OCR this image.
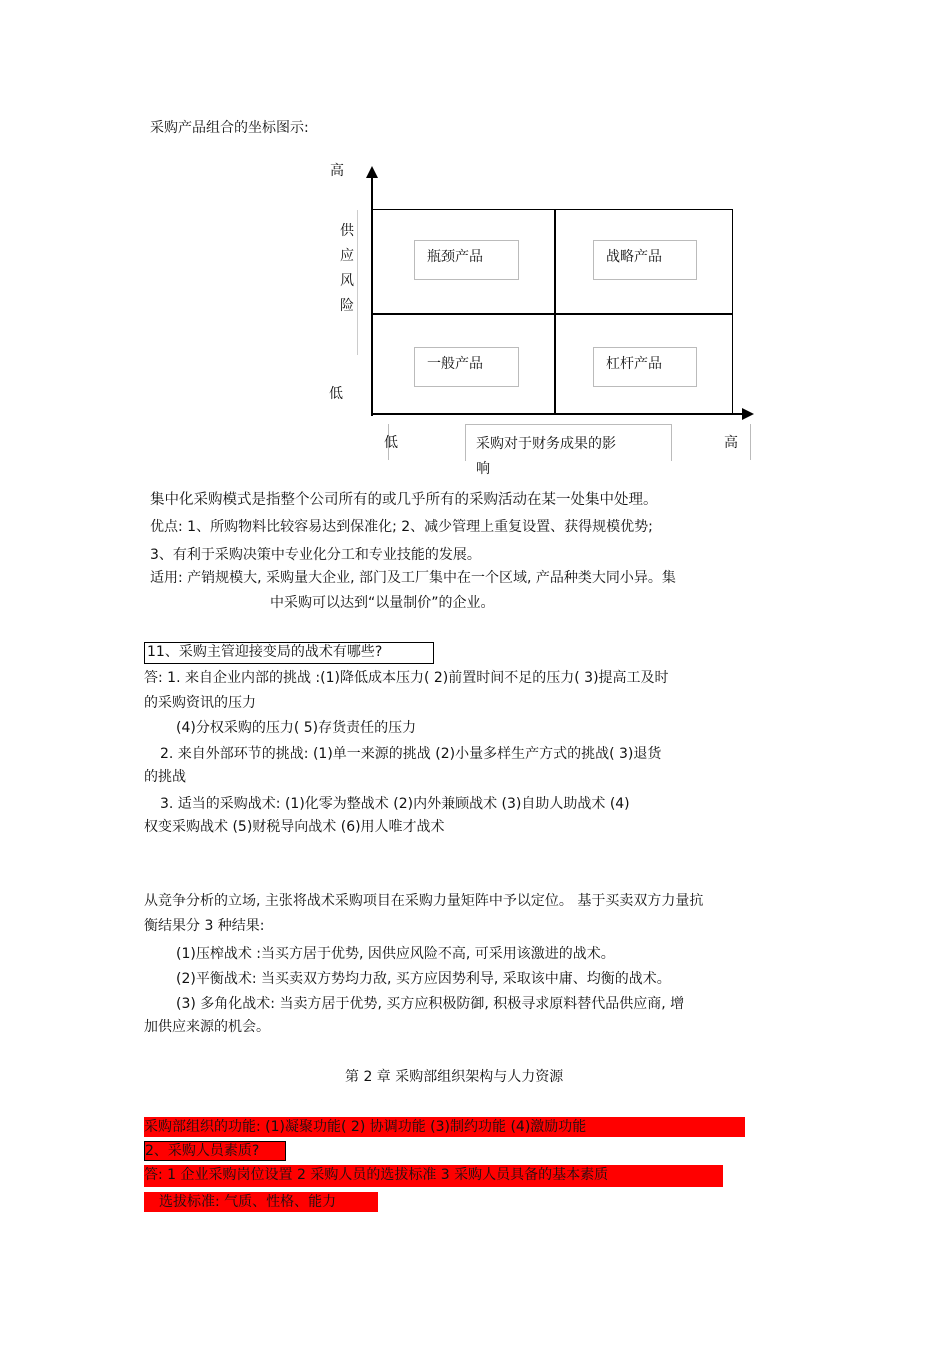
采购产品组合的坐标图示:
高
供
应
风
险
低
瓶颈产品	战略产品
一般产品	杠杆产品
低	采购对于财务成果的影
响
高
集中化采购模式是指整个公司所有的或几乎所有的采购活动在某一处集中处理。
优点: 1、所购物料比较容易达到保准化; 2、减少管理上重复设置、获得规模优势;
3、有利于采购决策中专业化分工和专业技能的发展。
适用: 产销规模大, 采购量大企业, 部门及工厂集中在一个区域, 产品种类大同小异。集
中采购可以达到“以量制价”的企业。
11、采购主管迎接变局的战术有哪些?
答: 1. 来自企业内部的挑战 :(1)降低成本压力( 2)前置时间不足的压力( 3)提高工及时
的采购资讯的压力
(4)分权采购的压力( 5)存货责任的压力
2. 来自外部环节的挑战: (1)单一来源的挑战 (2)小量多样生产方式的挑战( 3)退货
的挑战
3. 适当的采购战术: (1)化零为整战术 (2)内外兼顾战术 (3)自助人助战术 (4)
权变采购战术 (5)财税导向战术 (6)用人唯才战术
从竞争分析的立场, 主张将战术采购项目在采购力量矩阵中予以定位。 基于买卖双方力量抗
衡结果分 3 种结果:
(1)压榨战术 :当买方居于优势, 因供应风险不高, 可采用该激进的战术。
(2)平衡战术: 当买卖双方势均力敌, 买方应因势利导, 采取该中庸、均衡的战术。
(3) 多角化战术: 当卖方居于优势, 买方应积极防御, 积极寻求原料替代品供应商, 增
加供应来源的机会。
第 2 章 采购部组织架构与人力资源
采购部组织的功能: (1)凝聚功能( 2) 协调功能 (3)制约功能 (4)激励功能
2、采购人员素质?
答: 1 企业采购岗位设置 2 采购人员的选拔标准 3 采购人员具备的基本素质
选拔标准: 气质、性格、能力
